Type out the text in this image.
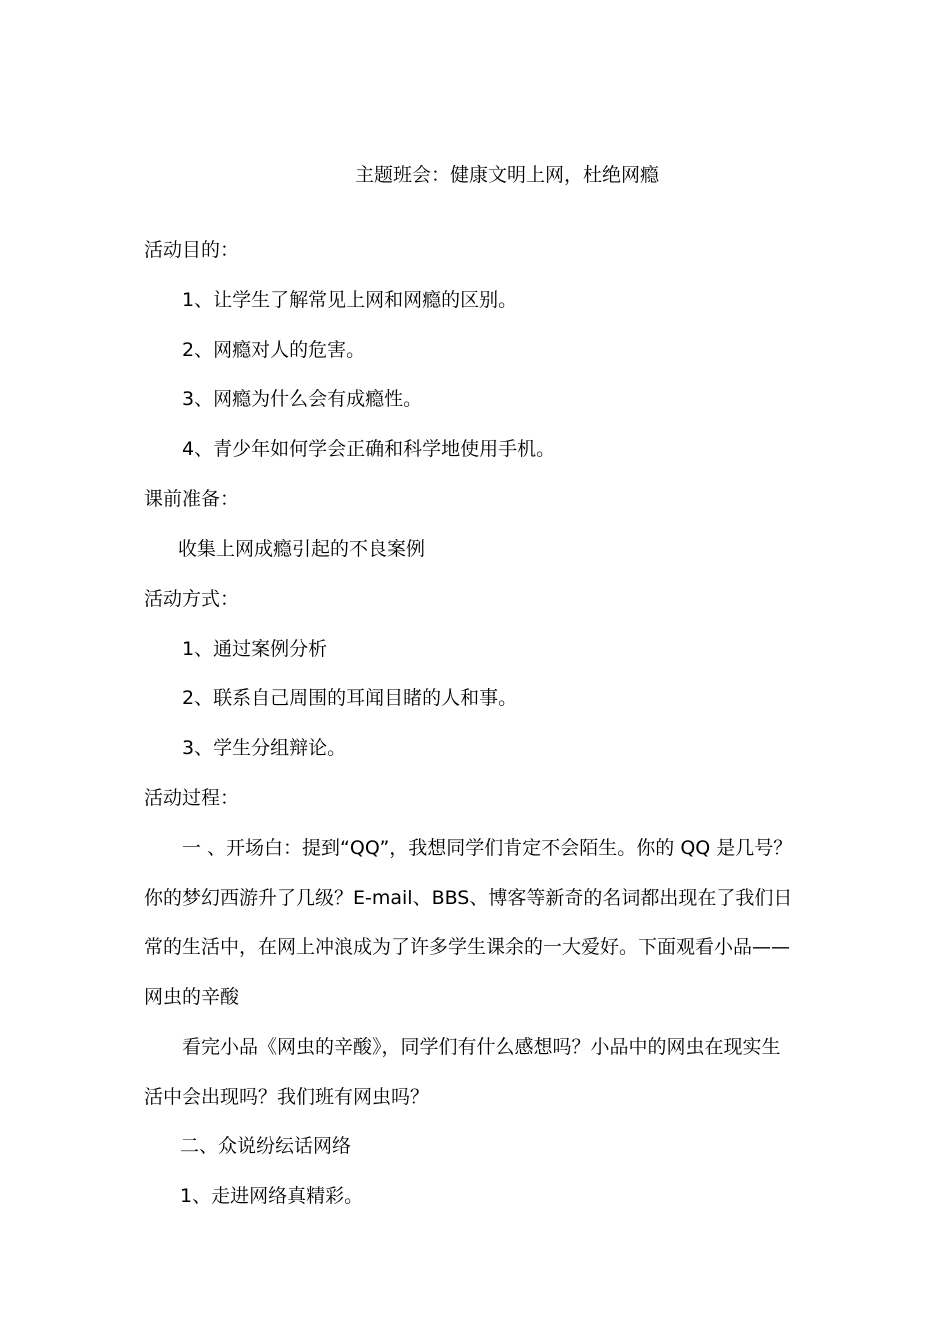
主题班会：健康文明上网，杜绝网瘾
活动目的：
1、让学生了解常见上网和网瘾的区别。
2、网瘾对人的危害。
3、网瘾为什么会有成瘾性。
4、青少年如何学会正确和科学地使用手机。
课前准备：
收集上网成瘾引起的不良案例
活动方式：
1、通过案例分析
2、联系自己周围的耳闻目睹的人和事。
3、学生分组辩论。
活动过程：
一 、开场白：提到“QQ”，我想同学们肯定不会陌生。你的 QQ 是几号？
你的梦幻西游升了几级？E-mail、BBS、博客等新奇的名词都出现在了我们日
常的生活中，在网上冲浪成为了许多学生课余的一大爱好。下面观看小品——
网虫的辛酸
看完小品《网虫的辛酸》，同学们有什么感想吗？小品中的网虫在现实生
活中会出现吗？我们班有网虫吗？
二、众说纷纭话网络
1、走进网络真精彩。
